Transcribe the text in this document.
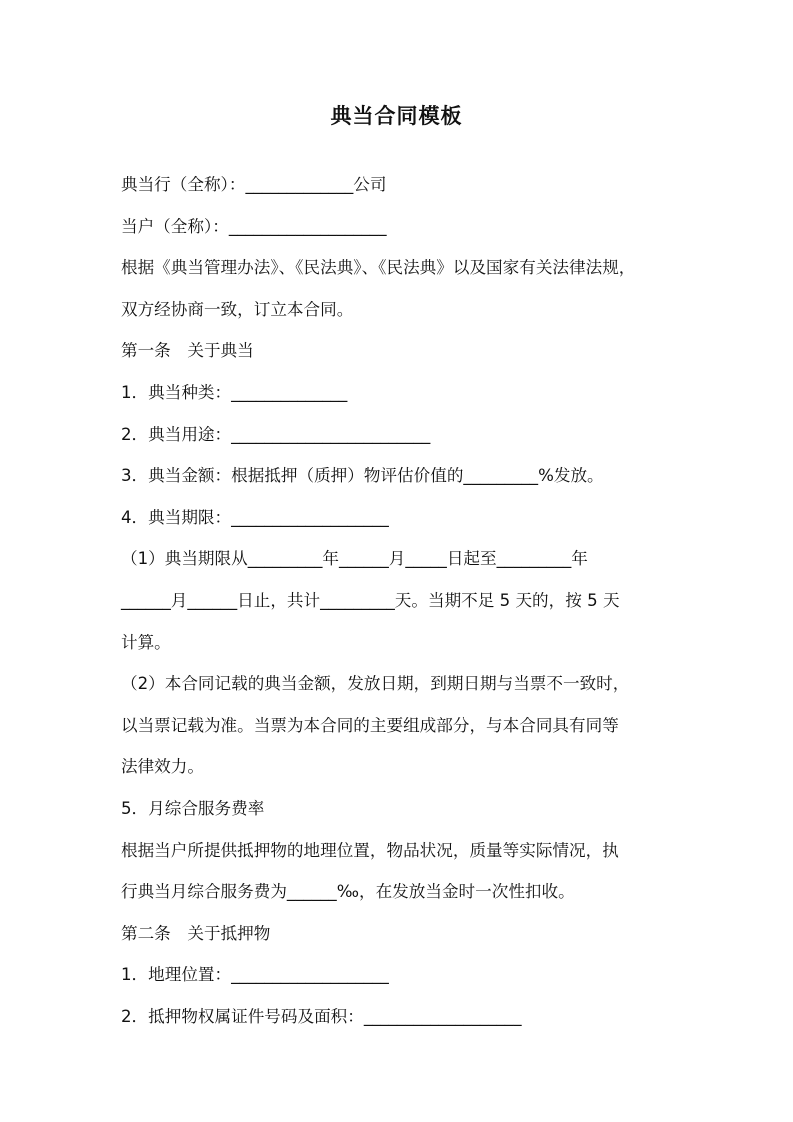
典当合同模板

典当行（全称）：_____________公司

当户（全称）：___________________

根据《典当管理办法》、《民法典》、《民法典》以及国家有关法律法规，

双方经协商一致，订立本合同。

第一条　关于典当

1．典当种类：______________

2．典当用途：________________________

3．典当金额：根据抵押（质押）物评估价值的_________%发放。

4．典当期限：___________________

（1）典当期限从_________年______月_____日起至_________年

______月______日止，共计_________天。当期不足 5 天的，按 5 天

计算。

（2）本合同记载的典当金额，发放日期，到期日期与当票不一致时，

以当票记载为准。当票为本合同的主要组成部分，与本合同具有同等

法律效力。

5．月综合服务费率

根据当户所提供抵押物的地理位置，物品状况，质量等实际情况，执

行典当月综合服务费为______‰，在发放当金时一次性扣收。

第二条　关于抵押物

1．地理位置：___________________

2．抵押物权属证件号码及面积：___________________
